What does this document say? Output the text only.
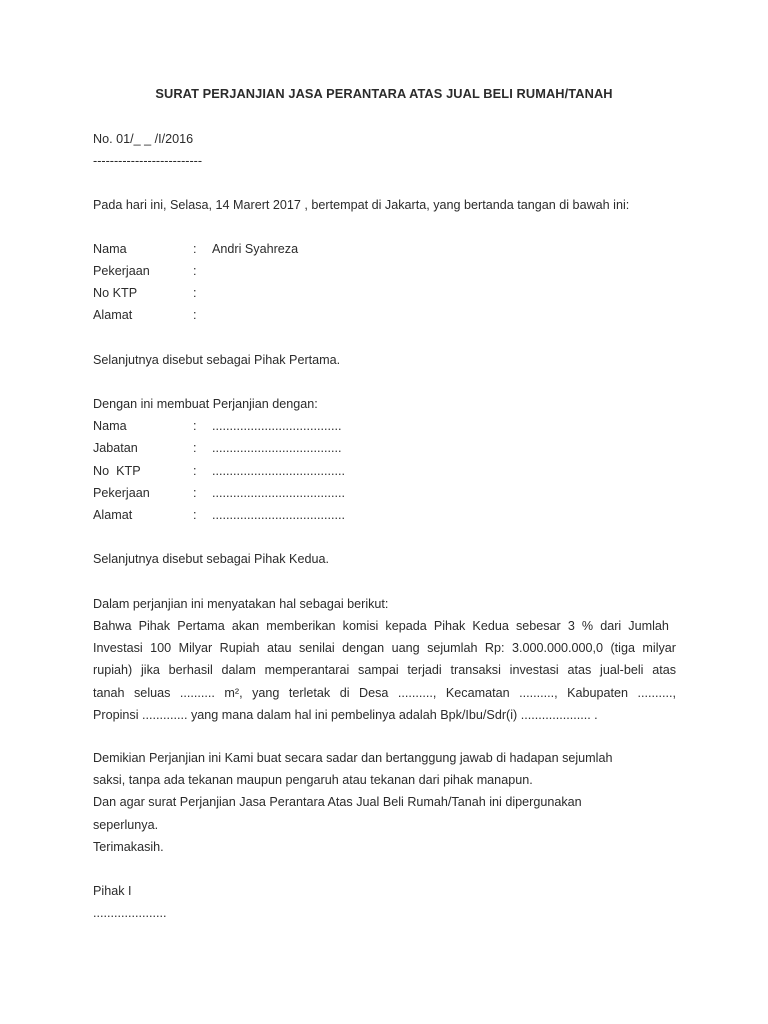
SURAT PERJANJIAN JASA PERANTARA ATAS JUAL BELI RUMAH/TANAH
No. 01/_ _ /I/2016
--------------------------
Pada hari ini, Selasa, 14 Marert 2017 , bertempat di Jakarta, yang bertanda tangan di bawah ini:
Nama	: Andri Syahreza
Pekerjaan	:
No KTP	:
Alamat	:
Selanjutnya disebut sebagai Pihak Pertama.
Dengan ini membuat Perjanjian dengan:
Nama	: .....................................
Jabatan	: .....................................
No  KTP	: ......................................
Pekerjaan	: ......................................
Alamat	: ......................................
Selanjutnya disebut sebagai Pihak Kedua.
Dalam perjanjian ini menyatakan hal sebagai berikut:
Bahwa Pihak Pertama akan memberikan komisi kepada Pihak Kedua sebesar 3 % dari Jumlah
Investasi 100 Milyar Rupiah atau senilai dengan uang sejumlah Rp: 3.000.000.000,0 (tiga milyar
rupiah) jika berhasil dalam memperantarai sampai terjadi transaksi investasi atas jual-beli atas
tanah seluas .......... m², yang terletak di Desa .........., Kecamatan .........., Kabupaten ..........,
Propinsi ............. yang mana dalam hal ini pembelinya adalah Bpk/Ibu/Sdr(i) .................... .
Demikian Perjanjian ini Kami buat secara sadar dan bertanggung jawab di hadapan sejumlah
saksi, tanpa ada tekanan maupun pengaruh atau tekanan dari pihak manapun.
Dan agar surat Perjanjian Jasa Perantara Atas Jual Beli Rumah/Tanah ini dipergunakan
seperlunya.
Terimakasih.
Pihak I
.....................
